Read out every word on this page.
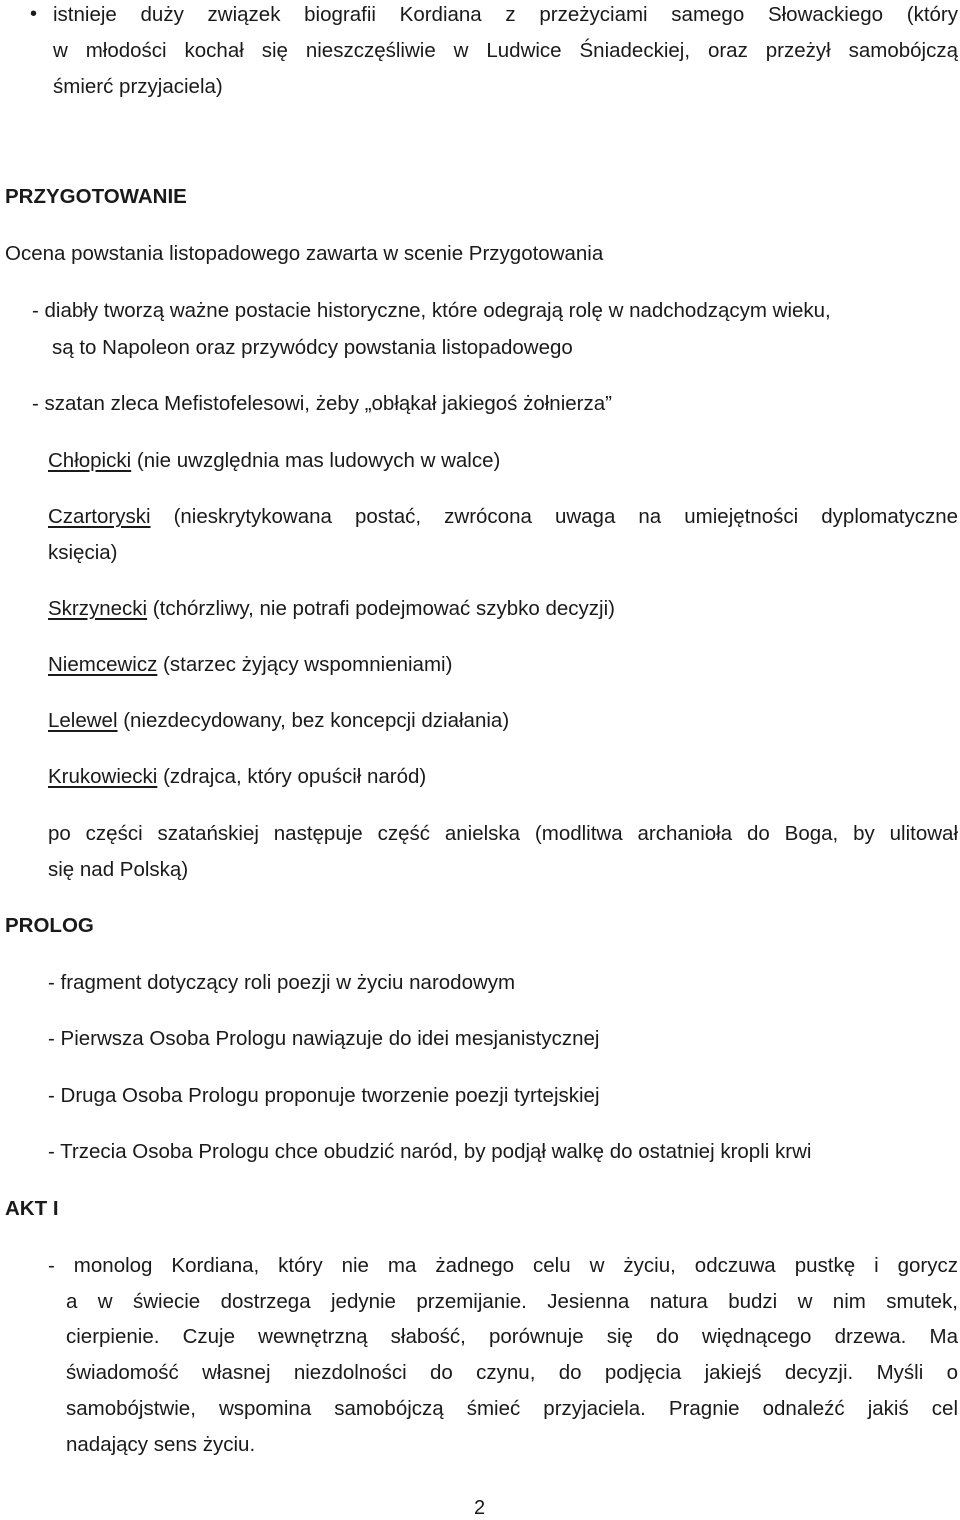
• istnieje duży związek biografii Kordiana z przeżyciami samego Słowackiego (który
w młodości kochał się nieszczęśliwie w Ludwice Śniadeckiej, oraz przeżył samobójczą
śmierć przyjaciela)
PRZYGOTOWANIE
Ocena powstania listopadowego zawarta w scenie Przygotowania
- diabły tworzą ważne postacie historyczne, które odegrają rolę w nadchodzącym wieku,
są to Napoleon oraz przywódcy powstania listopadowego
- szatan zleca Mefistofelesowi, żeby „obłąkał jakiegoś żołnierza”
Chłopicki (nie uwzględnia mas ludowych w walce)
Czartoryski (nieskrytykowana postać, zwrócona uwaga na umiejętności dyplomatyczne
księcia)
Skrzynecki (tchórzliwy, nie potrafi podejmować szybko decyzji)
Niemcewicz (starzec żyjący wspomnieniami)
Lelewel (niezdecydowany, bez koncepcji działania)
Krukowiecki (zdrajca, który opuścił naród)
po części szatańskiej następuje część anielska (modlitwa archanioła do Boga, by ulitował
się nad Polską)
PROLOG
- fragment dotyczący roli poezji w życiu narodowym
- Pierwsza Osoba Prologu nawiązuje do idei mesjanistycznej
- Druga Osoba Prologu proponuje tworzenie poezji tyrtejskiej
- Trzecia Osoba Prologu chce obudzić naród, by podjął walkę do ostatniej kropli krwi
AKT I
- monolog Kordiana, który nie ma żadnego celu w życiu, odczuwa pustkę i gorycz
a w świecie dostrzega jedynie przemijanie. Jesienna natura budzi w nim smutek,
cierpienie. Czuje wewnętrzną słabość, porównuje się do więdnącego drzewa. Ma
świadomość własnej niezdolności do czynu, do podjęcia jakiejś decyzji. Myśli o
samobójstwie, wspomina samobójczą śmieć przyjaciela. Pragnie odnaleźć jakiś cel
nadający sens życiu.
2
